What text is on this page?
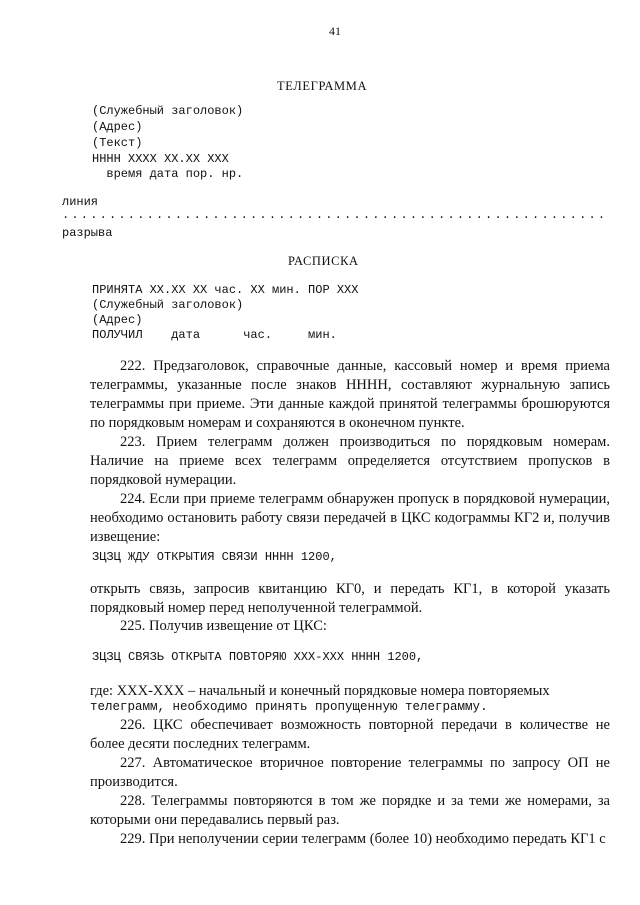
41
ТЕЛЕГРАММА
(Служебный заголовок)
(Адрес)
(Текст)
НННН ХХХХ ХХ.ХХ ХХХ
время дата пор. нр.
линия
..........................................................
разрыва
РАСПИСКА
ПРИНЯТА ХХ.ХХ ХХ час. ХХ мин. ПОР ХХХ
(Служебный заголовок)
(Адрес)
ПОЛУЧИЛ    дата      час.     мин.
222. Предзаголовок, справочные данные, кассовый номер и время приема телеграммы, указанные после знаков НННН, составляют журнальную запись телеграммы при приеме. Эти данные каждой принятой телеграммы брошюруются по порядковым номерам и сохраняются в оконечном пункте.
223. Прием телеграмм должен производиться по порядковым номерам. Наличие на приеме всех телеграмм определяется отсутствием пропусков в порядковой нумерации.
224. Если при приеме телеграмм обнаружен пропуск в порядковой нумерации, необходимо остановить работу связи передачей в ЦКС кодограммы КГ2 и, получив извещение:
ЗЦЗЦ ЖДУ ОТКРЫТИЯ СВЯЗИ НННН 1200,
открыть связь, запросив квитанцию КГ0, и передать КГ1, в которой указать порядковый номер перед неполученной телеграммой.
225. Получив извещение от ЦКС:
ЗЦЗЦ СВЯЗЬ ОТКРЫТА ПОВТОРЯЮ ХХХ-ХХХ НННН 1200,
где: ХХХ-ХХХ – начальный и конечный порядковые номера повторяемых
телеграмм, необходимо принять пропущенную телеграмму.
226. ЦКС обеспечивает возможность повторной передачи в количестве не более десяти последних телеграмм.
227. Автоматическое вторичное повторение телеграммы по запросу ОП не производится.
228. Телеграммы повторяются в том же порядке и за теми же номерами, за которыми они передавались первый раз.
229. При неполучении серии телеграмм (более 10) необходимо передать КГ1 с
